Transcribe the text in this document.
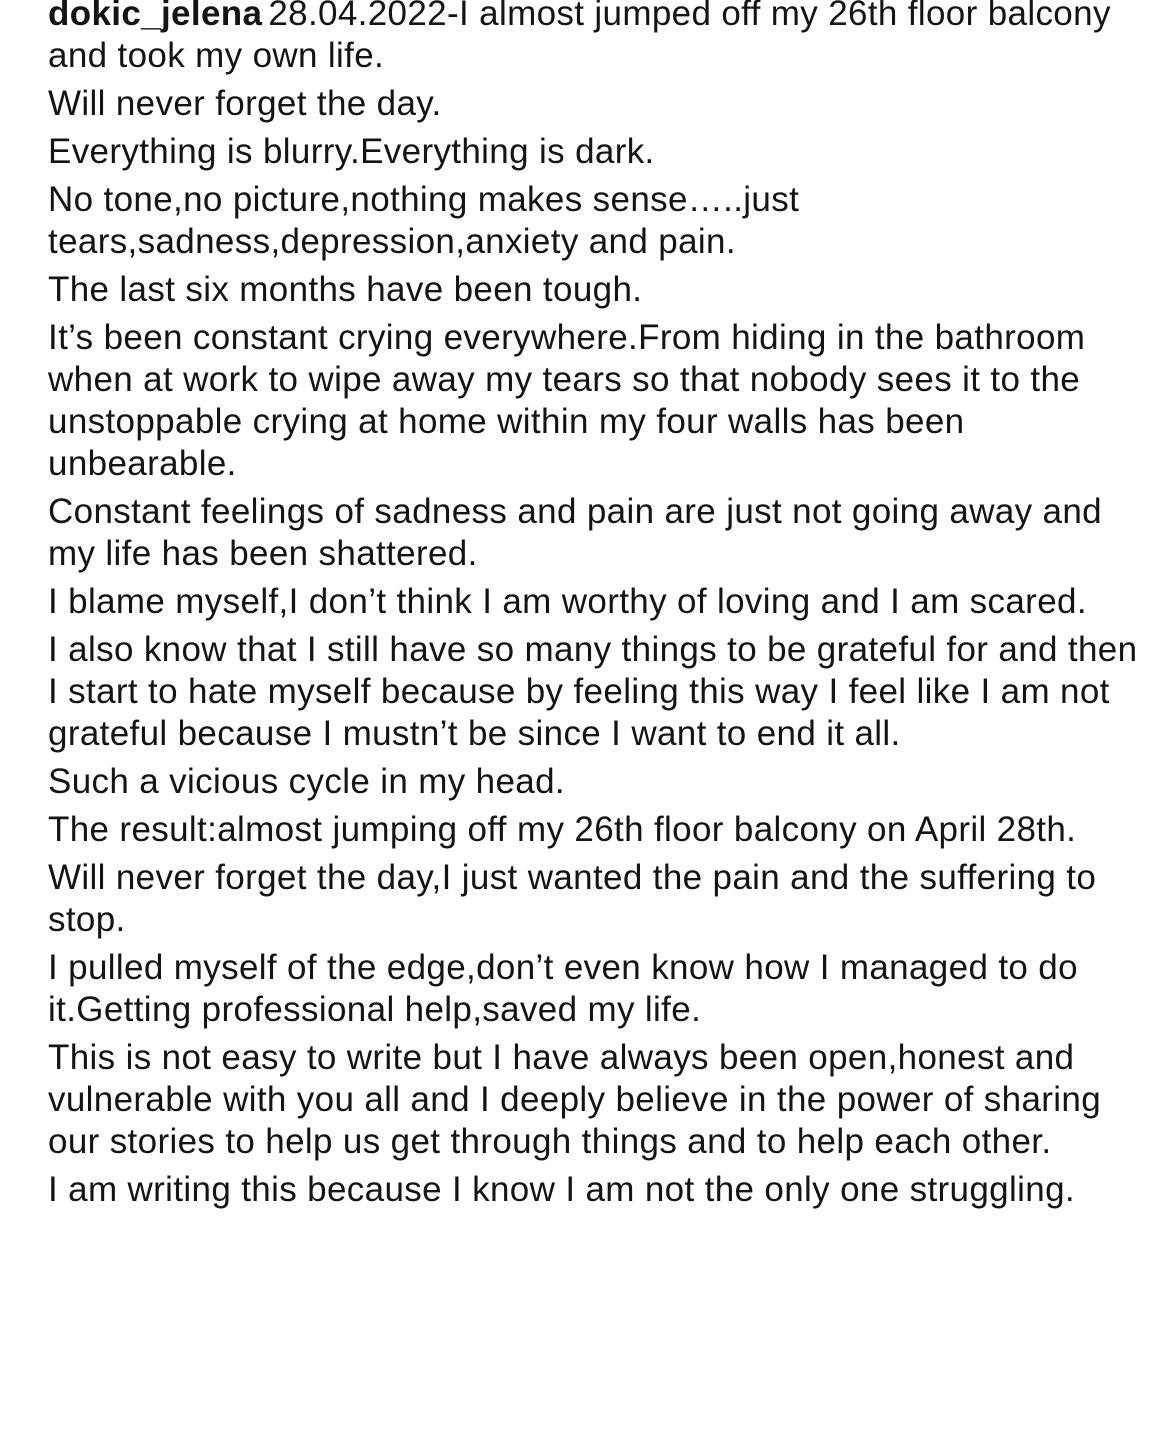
dokic_jelena 28.04.2022-I almost jumped off my 26th floor balcony and took my own life.

Will never forget the day.

Everything is blurry.Everything is dark.

No tone,no picture,nothing makes sense…..just tears,sadness,depression,anxiety and pain.

The last six months have been tough.

It’s been constant crying everywhere.From hiding in the bathroom when at work to wipe away my tears so that nobody sees it to the unstoppable crying at home within my four walls has been unbearable.

Constant feelings of sadness and pain are just not going away and my life has been shattered.

I blame myself,I don’t think I am worthy of loving and I am scared.

I also know that I still have so many things to be grateful for and then I start to hate myself because by feeling this way I feel like I am not grateful because I mustn’t be since I want to end it all.

Such a vicious cycle in my head.

The result:almost jumping off my 26th floor balcony on April 28th.

Will never forget the day,I just wanted the pain and the suffering to stop.

I pulled myself of the edge,don’t even know how I managed to do it.Getting professional help,saved my life.

This is not easy to write but I have always been open,honest and vulnerable with you all and I deeply believe in the power of sharing our stories to help us get through things and to help each other.

I am writing this because I know I am not the only one struggling.
